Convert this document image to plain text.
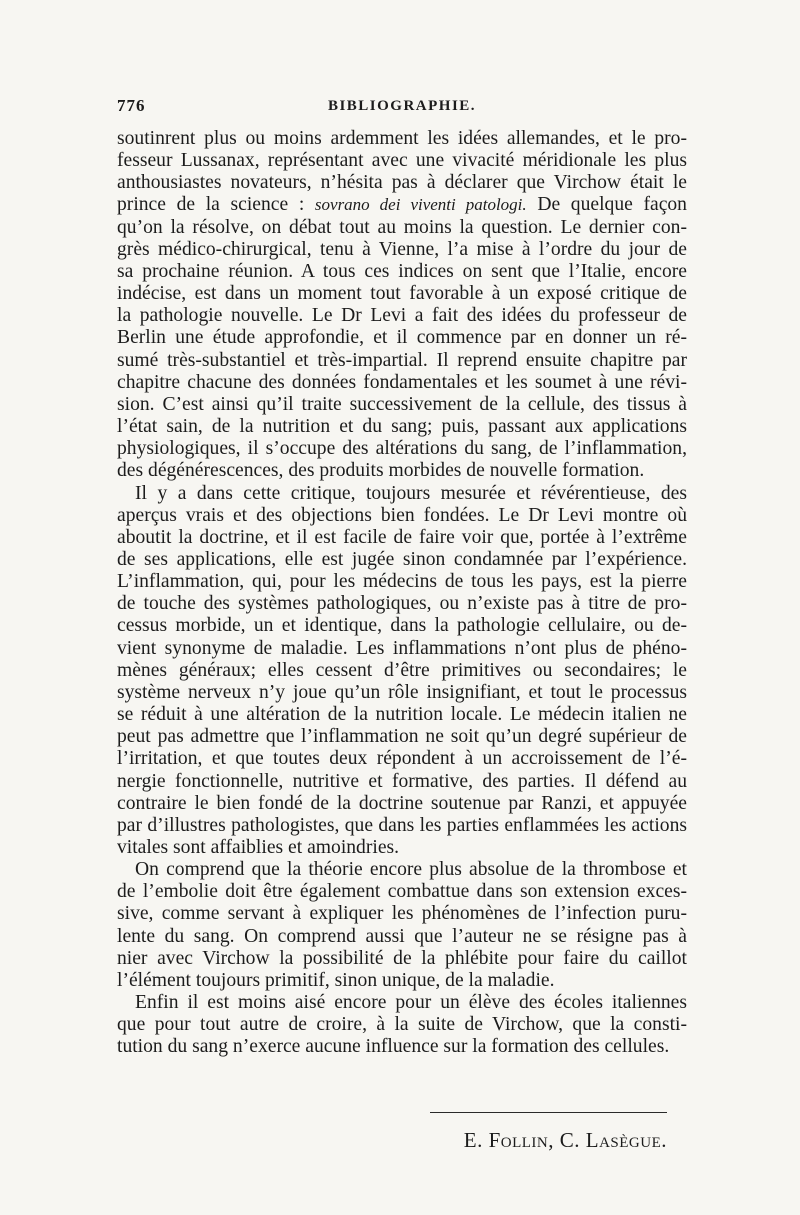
776	BIBLIOGRAPHIE.
soutinrent plus ou moins ardemment les idées allemandes, et le pro-
fesseur Lussanax, représentant avec une vivacité méridionale les plus
anthousiastes novateurs, n’hésita pas à déclarer que Virchow était le
prince de la science : sovrano dei viventi patologi. De quelque façon
qu’on la résolve, on débat tout au moins la question. Le dernier con-
grès médico-chirurgical, tenu à Vienne, l’a mise à l’ordre du jour de
sa prochaine réunion. A tous ces indices on sent que l’Italie, encore
indécise, est dans un moment tout favorable à un exposé critique de
la pathologie nouvelle. Le Dr Levi a fait des idées du professeur de
Berlin une étude approfondie, et il commence par en donner un ré-
sumé très-substantiel et très-impartial. Il reprend ensuite chapitre par
chapitre chacune des données fondamentales et les soumet à une révi-
sion. C’est ainsi qu’il traite successivement de la cellule, des tissus à
l’état sain, de la nutrition et du sang; puis, passant aux applications
physiologiques, il s’occupe des altérations du sang, de l’inflammation,
des dégénérescences, des produits morbides de nouvelle formation.
Il y a dans cette critique, toujours mesurée et révérentieuse, des
aperçus vrais et des objections bien fondées. Le Dr Levi montre où
aboutit la doctrine, et il est facile de faire voir que, portée à l’extrême
de ses applications, elle est jugée sinon condamnée par l’expérience.
L’inflammation, qui, pour les médecins de tous les pays, est la pierre
de touche des systèmes pathologiques, ou n’existe pas à titre de pro-
cessus morbide, un et identique, dans la pathologie cellulaire, ou de-
vient synonyme de maladie. Les inflammations n’ont plus de phéno-
mènes généraux; elles cessent d’être primitives ou secondaires; le
système nerveux n’y joue qu’un rôle insignifiant, et tout le processus
se réduit à une altération de la nutrition locale. Le médecin italien ne
peut pas admettre que l’inflammation ne soit qu’un degré supérieur de
l’irritation, et que toutes deux répondent à un accroissement de l’é-
nergie fonctionnelle, nutritive et formative, des parties. Il défend au
contraire le bien fondé de la doctrine soutenue par Ranzi, et appuyée
par d’illustres pathologistes, que dans les parties enflammées les actions
vitales sont affaiblies et amoindries.
On comprend que la théorie encore plus absolue de la thrombose et
de l’embolie doit être également combattue dans son extension exces-
sive, comme servant à expliquer les phénomènes de l’infection puru-
lente du sang. On comprend aussi que l’auteur ne se résigne pas à
nier avec Virchow la possibilité de la phlébite pour faire du caillot
l’élément toujours primitif, sinon unique, de la maladie.
Enfin il est moins aisé encore pour un élève des écoles italiennes
que pour tout autre de croire, à la suite de Virchow, que la consti-
tution du sang n’exerce aucune influence sur la formation des cellules.
E. Follin, C. Lasègue.
